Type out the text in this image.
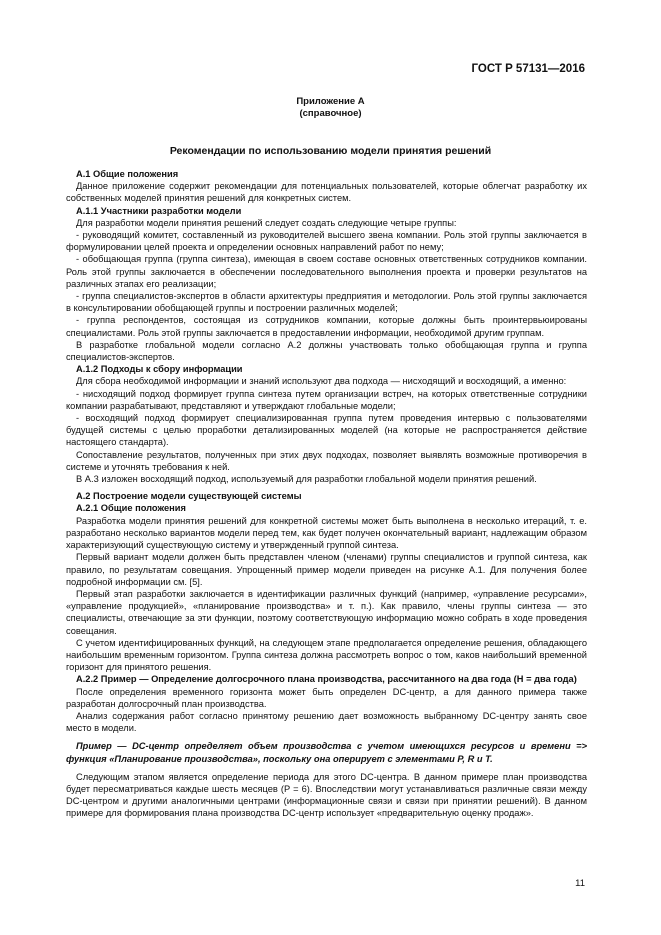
ГОСТ Р 57131—2016
Приложение А
(справочное)
Рекомендации по использованию модели принятия решений

А.1 Общие положения

Данное приложение содержит рекомендации для потенциальных пользователей, которые облегчат разработку их собственных моделей принятия решений для конкретных систем.

А.1.1 Участники разработки модели

Для разработки модели принятия решений следует создать следующие четыре группы:

- руководящий комитет, составленный из руководителей высшего звена компании. Роль этой группы заключается в формулировании целей проекта и определении основных направлений работ по нему;

- обобщающая группа (группа синтеза), имеющая в своем составе основных ответственных сотрудников компании. Роль этой группы заключается в обеспечении последовательного выполнения проекта и проверки результатов на различных этапах его реализации;

- группа специалистов-экспертов в области архитектуры предприятия и методологии. Роль этой группы заключается в консультировании обобщающей группы и построении различных моделей;

- группа респондентов, состоящая из сотрудников компании, которые должны быть проинтервьюированы специалистами. Роль этой группы заключается в предоставлении информации, необходимой другим группам.

В разработке глобальной модели согласно А.2 должны участвовать только обобщающая группа и группа специалистов-экспертов.

А.1.2 Подходы к сбору информации

Для сбора необходимой информации и знаний используют два подхода — нисходящий и восходящий, а именно:

- нисходящий подход формирует группа синтеза путем организации встреч, на которых ответственные сотрудники компании разрабатывают, представляют и утверждают глобальные модели;

- восходящий подход формирует специализированная группа путем проведения интервью с пользователями будущей системы с целью проработки детализированных моделей (на которые не распространяется действие настоящего стандарта).

Сопоставление результатов, полученных при этих двух подходах, позволяет выявлять возможные противоречия в системе и уточнять требования к ней.

В А.3 изложен восходящий подход, используемый для разработки глобальной модели принятия решений.

А.2 Построение модели существующей системы

А.2.1 Общие положения

Разработка модели принятия решений для конкретной системы может быть выполнена в несколько итераций, т. е. разработано несколько вариантов модели перед тем, как будет получен окончательный вариант, надлежащим образом характеризующий существующую систему и утвержденный группой синтеза.

Первый вариант модели должен быть представлен членом (членами) группы специалистов и группой синтеза, как правило, по результатам совещания. Упрощенный пример модели приведен на рисунке А.1. Для получения более подробной информации см. [5].

Первый этап разработки заключается в идентификации различных функций (например, «управление ресурсами», «управление продукцией», «планирование производства» и т. п.). Как правило, члены группы синтеза — это специалисты, отвечающие за эти функции, поэтому соответствующую информацию можно собрать в ходе проведения совещания.

С учетом идентифицированных функций, на следующем этапе предполагается определение решения, обладающего наибольшим временным горизонтом. Группа синтеза должна рассмотреть вопрос о том, каков наибольший временной горизонт для принятого решения.

А.2.2 Пример — Определение долгосрочного плана производства, рассчитанного на два года (H = два года)

После определения временного горизонта может быть определен DC-центр, а для данного примера также разработан долгосрочный план производства.

Анализ содержания работ согласно принятому решению дает возможность выбранному DC-центру занять свое место в модели.

Пример — DC-центр определяет объем производства с учетом имеющихся ресурсов и времени => функция «Планирование производства», поскольку она оперирует с элементами P, R и T.

Следующим этапом является определение периода для этого DC-центра. В данном примере план производства будет пересматриваться каждые шесть месяцев (P = 6). Впоследствии могут устанавливаться различные связи между DC-центром и другими аналогичными центрами (информационные связи и связи при принятии решений). В данном примере для формирования плана производства DC-центр использует «предварительную оценку продаж».

11
